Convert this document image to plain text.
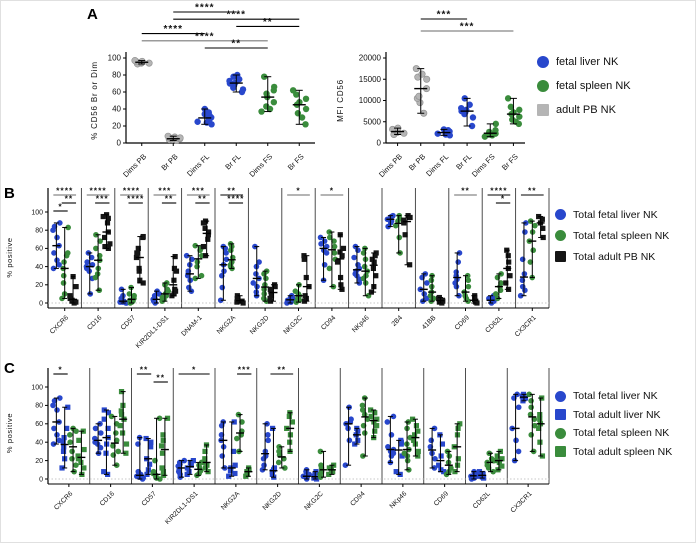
A
B
C
0
20
40
60
80
100
% CD56 Br or Dim
Dims PB Br PB Dims FL Br FL Dims FS Br FS
****
****
**
****
****
**
0
5000
10000
15000
20000
MFI CD56
Dims PB Br PB
Dims FL Br FL
Dims FS Br FS
***
***
0
20
40
60
80
100
% positive
CXCR6 CD16 CD57
KIR2DL1-DS1 DNAM-1 NKG2A NKG2D NKG2C CD94 NKp46	2B4 41BB CD69 CD62L CX3CR1
****
**
*
****
***
****
****
***
**
***
**
**
****
*	*	** ****
*
**
0
20
40
60
80
100
% positive
CXCR6	CD16	CD57 KIR2DL1-DS1	NKG2A	NKG2D	NKG2C	CD94	NKp46	CD69	CD62L	CX3CR1
*	**
**
*	***	**
fetal liver NK
fetal spleen NK
adult PB NK
Total fetal liver NK
Total fetal spleen NK
Total adult PB NK
Total fetal liver NK
Total adult liver NK
Total fetal spleen NK
Total adult spleen NK
